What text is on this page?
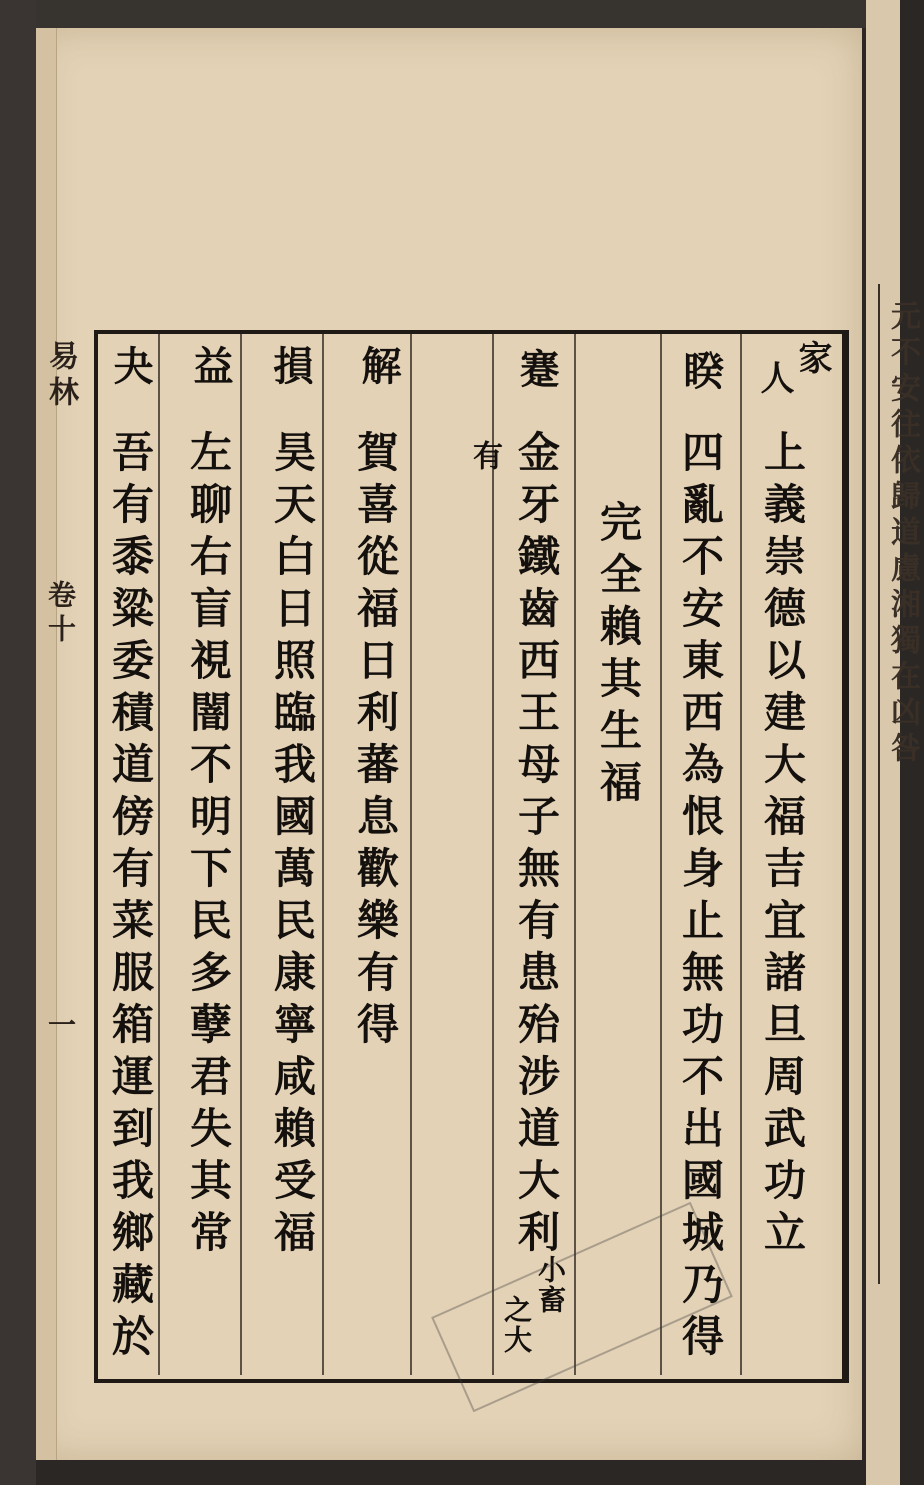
元不安往依歸道慮湘獨在凶咎
易林
卷十
一
家
人
上義崇德以建大福吉宜諸旦周武功立
睽
四亂不安東西為恨身止無功不出國城乃得
完全賴其生福
蹇
金牙鐵齒西王母子無有患殆涉道大利
小畜
之大
有
解
賀喜從福日利蕃息歡樂有得
損
昊天白日照臨我國萬民康寧咸賴受福
益
左聊右盲視闇不明下民多孽君失其常
夬
吾有黍粱委積道傍有菜服箱運到我鄉藏於
